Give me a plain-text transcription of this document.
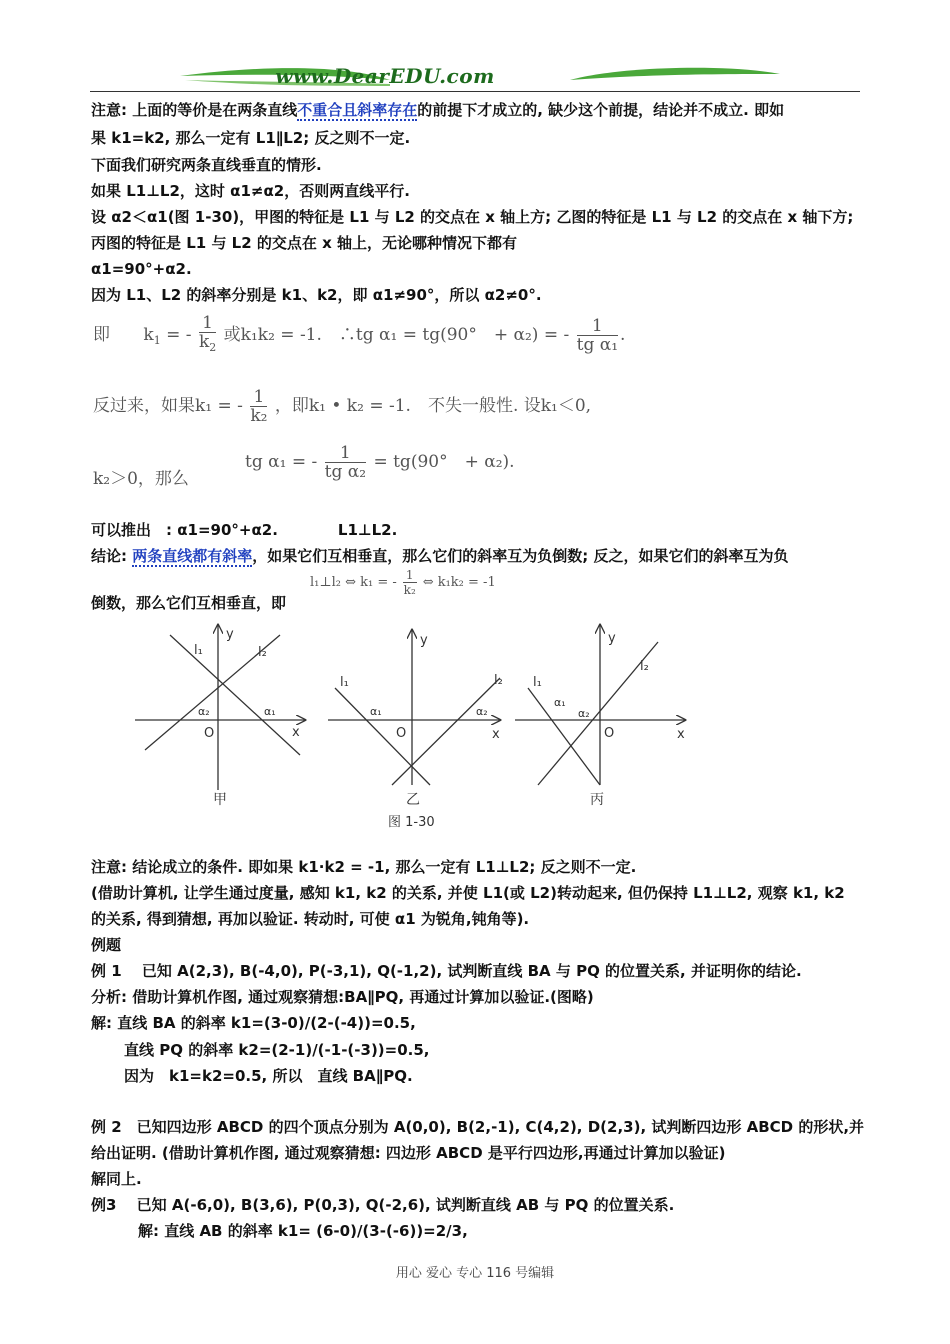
www.DearEDU.com
注意: 上面的等价是在两条直线不重合且斜率存在的前提下才成立的, 缺少这个前提，结论并不成立. 即如
果 k1=k2, 那么一定有 L1∥L2; 反之则不一定.
下面我们研究两条直线垂直的情形.
如果 L1⊥L2，这时 α1≠α2，否则两直线平行.
设 α2＜α1(图 1-30)，甲图的特征是 L1 与 L2 的交点在 x 轴上方; 乙图的特征是 L1 与 L2 的交点在 x 轴下方;
丙图的特征是 L1 与 L2 的交点在 x 轴上，无论哪种情况下都有
α1=90°+α2.
因为 L1、L2 的斜率分别是 k1、k2，即 α1≠90°，所以 α2≠0°.
即 $k_1$ = - $\frac{1}{k_2}$ 或k₁k₂ = -1.　∴tg α₁ = tg(90°　+ α₂) = - $\frac{1}{\text{tg α₁}}$ .
反过来，如果k₁ = - $\frac{1}{\text{k₂}}$ ，即k₁ • k₂ = -1.　不失一般性. 设k₁＜0,
k₂＞0，那么
tg α₁ = - $\frac{1}{\text{tg α₂}} = tg(90^\circ$　+ α₂).
可以推出　: α1=90°+α2.　　　　L1⊥L2.
结论: 两条直线都有斜率，如果它们互相垂直，那么它们的斜率互为负倒数; 反之，如果它们的斜率互为负
倒数，那么它们互相垂直，即
l₁⊥l₂ ⇔ k₁ = - $\frac{1}{\text{k₂}}$ ⇔ k₁k₂ = -1
x
y
O
l₁	l₂
α₂	α₁
甲
x
y
O
l₁	l₂
α₁	α₂
乙
x
y
O
l₁
l₂
α₁
α₂
丙
图 1-30
注意: 结论成立的条件. 即如果 k1·k2 = -1, 那么一定有 L1⊥L2; 反之则不一定.
(借助计算机, 让学生通过度量, 感知 k1, k2 的关系, 并使 L1(或 L2)转动起来, 但仍保持 L1⊥L2, 观察 k1, k2
的关系, 得到猜想, 再加以验证. 转动时, 可使 α1 为锐角,钝角等).
例题
例 1　 已知 A(2,3), B(-4,0), P(-3,1), Q(-1,2), 试判断直线 BA 与 PQ 的位置关系, 并证明你的结论.
分析: 借助计算机作图, 通过观察猜想:BA∥PQ, 再通过计算加以验证.(图略)
解: 直线 BA 的斜率 k1=(3-0)/(2-(-4))=0.5,
直线 PQ 的斜率 k2=(2-1)/(-1-(-3))=0.5,
因为　k1=k2=0.5, 所以　直线 BA∥PQ.
例 2　已知四边形 ABCD 的四个顶点分别为 A(0,0), B(2,-1), C(4,2), D(2,3), 试判断四边形 ABCD 的形状,并
给出证明. (借助计算机作图, 通过观察猜想: 四边形 ABCD 是平行四边形,再通过计算加以验证)
解同上.
例3　 已知 A(-6,0), B(3,6), P(0,3), Q(-2,6), 试判断直线 AB 与 PQ 的位置关系.
解: 直线 AB 的斜率 k1= (6-0)/(3-(-6))=2/3,
用心 爱心 专心 116 号编辑
